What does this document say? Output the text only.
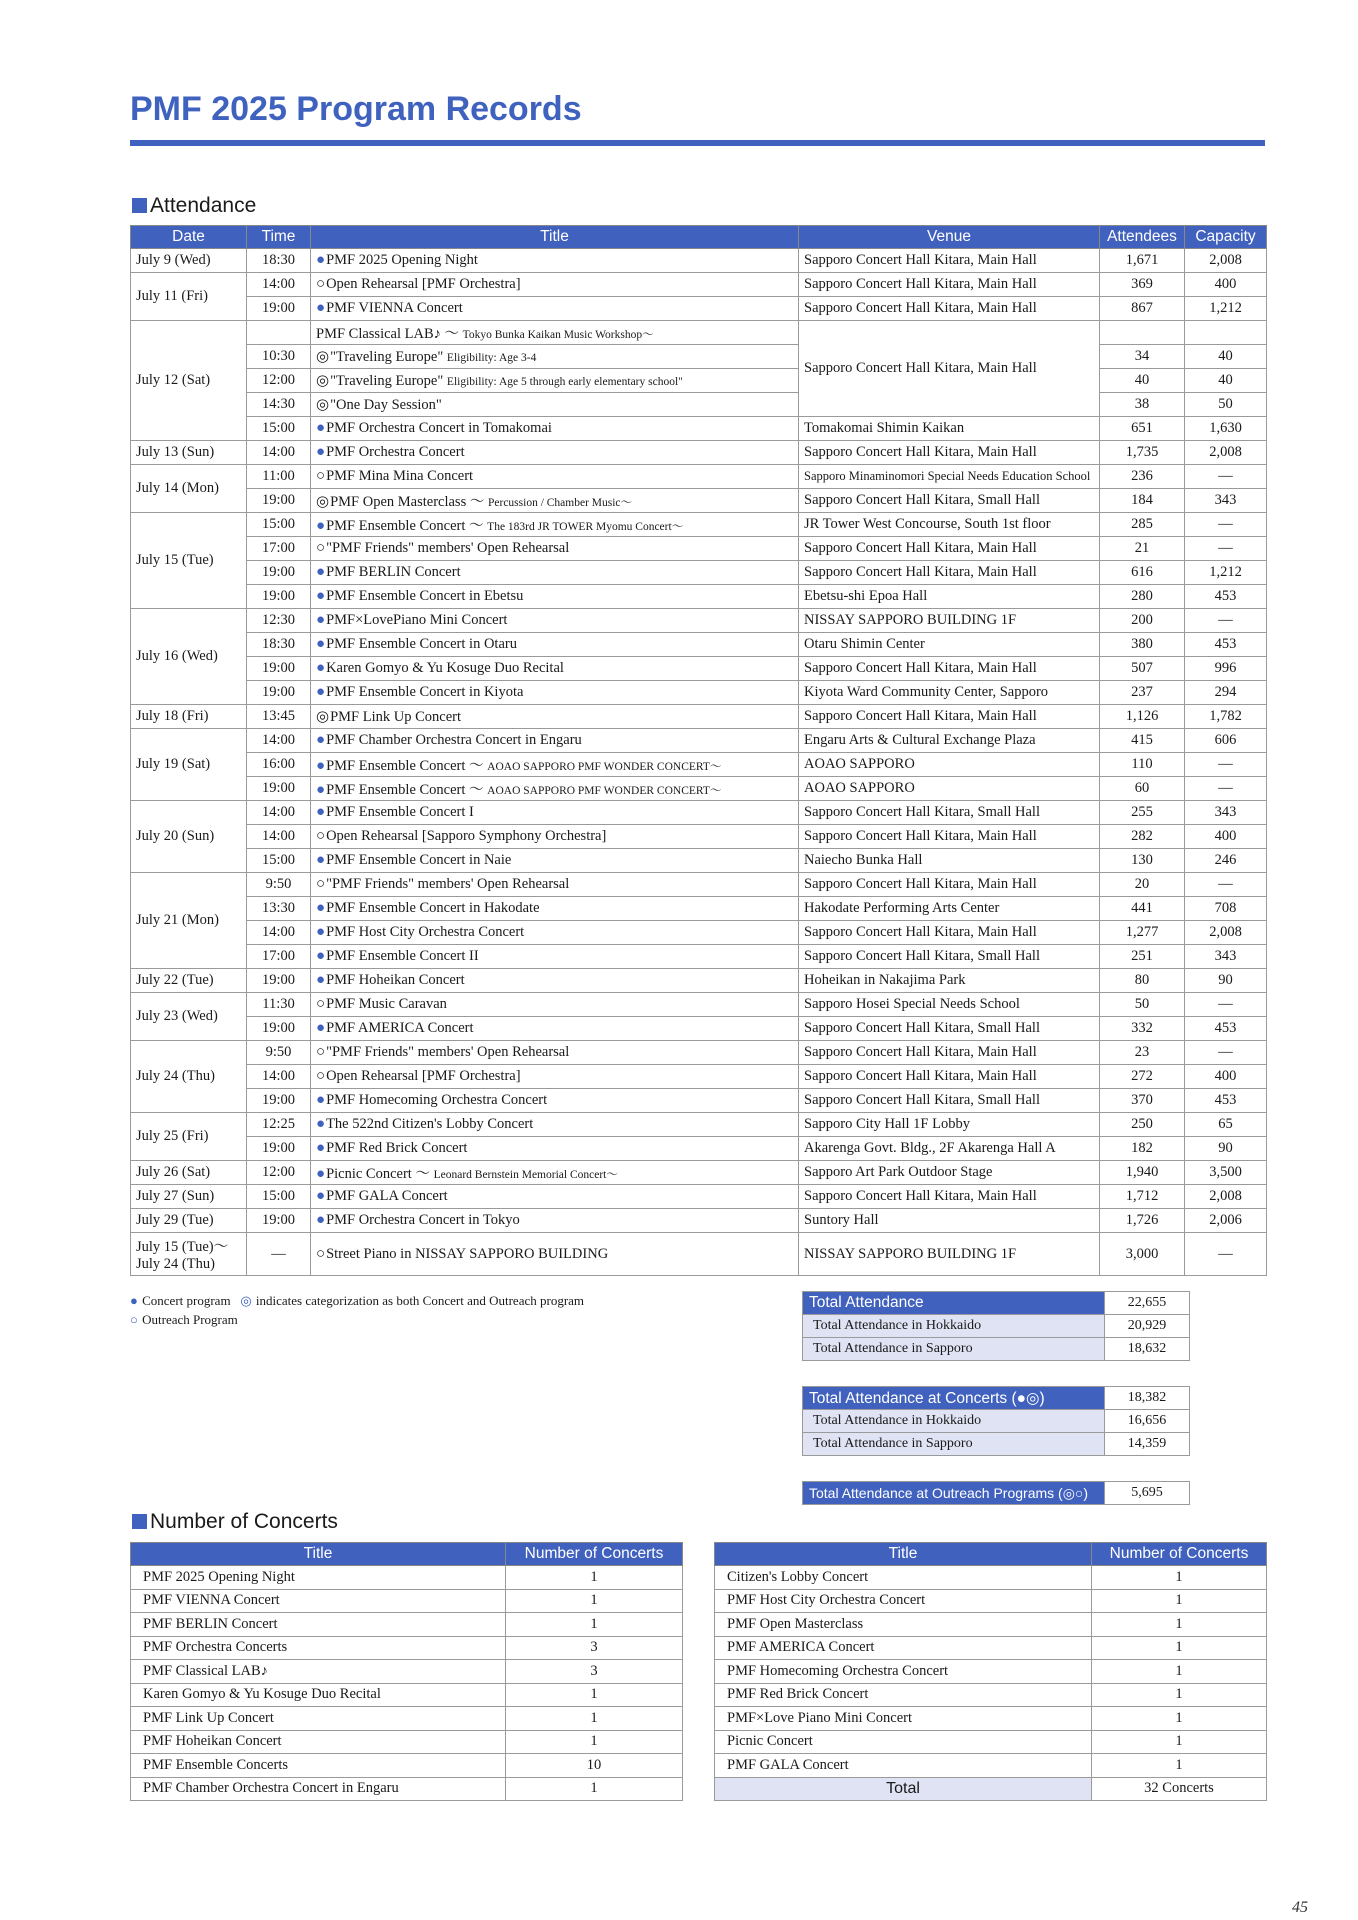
PMF 2025 Program Records
Attendance
Date	Time	Title	Venue	Attendees	Capacity
July 9 (Wed)	18:30	●PMF 2025 Opening Night	Sapporo Concert Hall Kitara, Main Hall	1,671	2,008
July 11 (Fri)	14:00	○Open Rehearsal [PMF Orchestra]	Sapporo Concert Hall Kitara, Main Hall	369	400
	19:00	●PMF VIENNA Concert	Sapporo Concert Hall Kitara, Main Hall	867	1,212
July 12 (Sat)		PMF Classical LAB♪ ～ Tokyo Bunka Kaikan Music Workshop～	Sapporo Concert Hall Kitara, Main Hall		
	10:30	◎"Traveling Europe" Eligibility: Age 3-4		34	40
	12:00	◎"Traveling Europe" Eligibility: Age 5 through early elementary school"		40	40
	14:30	◎"One Day Session"		38	50
	15:00	●PMF Orchestra Concert in Tomakomai	Tomakomai Shimin Kaikan	651	1,630
July 13 (Sun)	14:00	●PMF Orchestra Concert	Sapporo Concert Hall Kitara, Main Hall	1,735	2,008
July 14 (Mon)	11:00	○PMF Mina Mina Concert	Sapporo Minaminomori Special Needs Education School	236	—
	19:00	◎PMF Open Masterclass ～ Percussion / Chamber Music～	Sapporo Concert Hall Kitara, Small Hall	184	343
July 15 (Tue)	15:00	●PMF Ensemble Concert ～ The 183rd JR TOWER Myomu Concert～	JR Tower West Concourse, South 1st floor	285	—
	17:00	○"PMF Friends" members' Open Rehearsal	Sapporo Concert Hall Kitara, Main Hall	21	—
	19:00	●PMF BERLIN Concert	Sapporo Concert Hall Kitara, Main Hall	616	1,212
	19:00	●PMF Ensemble Concert in Ebetsu	Ebetsu-shi Epoa Hall	280	453
July 16 (Wed)	12:30	●PMF×LovePiano Mini Concert	NISSAY SAPPORO BUILDING 1F	200	—
	18:30	●PMF Ensemble Concert in Otaru	Otaru Shimin Center	380	453
	19:00	●Karen Gomyo & Yu Kosuge Duo Recital	Sapporo Concert Hall Kitara, Main Hall	507	996
	19:00	●PMF Ensemble Concert in Kiyota	Kiyota Ward Community Center, Sapporo	237	294
July 18 (Fri)	13:45	◎PMF Link Up Concert	Sapporo Concert Hall Kitara, Main Hall	1,126	1,782
July 19 (Sat)	14:00	●PMF Chamber Orchestra Concert in Engaru	Engaru Arts & Cultural Exchange Plaza	415	606
	16:00	●PMF Ensemble Concert ～ AOAO SAPPORO PMF WONDER CONCERT～	AOAO SAPPORO	110	—
	19:00	●PMF Ensemble Concert ～ AOAO SAPPORO PMF WONDER CONCERT～	AOAO SAPPORO	60	—
July 20 (Sun)	14:00	●PMF Ensemble Concert I	Sapporo Concert Hall Kitara, Small Hall	255	343
	14:00	○Open Rehearsal [Sapporo Symphony Orchestra]	Sapporo Concert Hall Kitara, Main Hall	282	400
	15:00	●PMF Ensemble Concert in Naie	Naiecho Bunka Hall	130	246
July 21 (Mon)	9:50	○"PMF Friends" members' Open Rehearsal	Sapporo Concert Hall Kitara, Main Hall	20	—
	13:30	●PMF Ensemble Concert in Hakodate	Hakodate Performing Arts Center	441	708
	14:00	●PMF Host City Orchestra Concert	Sapporo Concert Hall Kitara, Main Hall	1,277	2,008
	17:00	●PMF Ensemble Concert II	Sapporo Concert Hall Kitara, Small Hall	251	343
July 22 (Tue)	19:00	●PMF Hoheikan Concert	Hoheikan in Nakajima Park	80	90
July 23 (Wed)	11:30	○PMF Music Caravan	Sapporo Hosei Special Needs School	50	—
	19:00	●PMF AMERICA Concert	Sapporo Concert Hall Kitara, Small Hall	332	453
July 24 (Thu)	9:50	○"PMF Friends" members' Open Rehearsal	Sapporo Concert Hall Kitara, Main Hall	23	—
	14:00	○Open Rehearsal [PMF Orchestra]	Sapporo Concert Hall Kitara, Main Hall	272	400
	19:00	●PMF Homecoming Orchestra Concert	Sapporo Concert Hall Kitara, Small Hall	370	453
July 25 (Fri)	12:25	●The 522nd Citizen's Lobby Concert	Sapporo City Hall 1F Lobby	250	65
	19:00	●PMF Red Brick Concert	Akarenga Govt. Bldg., 2F Akarenga Hall A	182	90
July 26 (Sat)	12:00	●Picnic Concert ～ Leonard Bernstein Memorial Concert～	Sapporo Art Park Outdoor Stage	1,940	3,500
July 27 (Sun)	15:00	●PMF GALA Concert	Sapporo Concert Hall Kitara, Main Hall	1,712	2,008
July 29 (Tue)	19:00	●PMF Orchestra Concert in Tokyo	Suntory Hall	1,726	2,006
July 15 (Tue)～
July 24 (Thu)	—	○Street Piano in NISSAY SAPPORO BUILDING	NISSAY SAPPORO BUILDING 1F	3,000	—
● Concert program ◎ indicates categorization as both Concert and Outreach program
○ Outreach Program
Total Attendance	22,655
Total Attendance in Hokkaido	20,929
Total Attendance in Sapporo	18,632
Total Attendance at Concerts (●◎)	18,382
Total Attendance in Hokkaido	16,656
Total Attendance in Sapporo	14,359
Total Attendance at Outreach Programs (◎○)	5,695
Number of Concerts
Title	Number of Concerts
PMF 2025 Opening Night	1
PMF VIENNA Concert	1
PMF BERLIN Concert	1
PMF Orchestra Concerts	3
PMF Classical LAB♪	3
Karen Gomyo & Yu Kosuge Duo Recital	1
PMF Link Up Concert	1
PMF Hoheikan Concert	1
PMF Ensemble Concerts	10
PMF Chamber Orchestra Concert in Engaru	1
Title	Number of Concerts
Citizen's Lobby Concert	1
PMF Host City Orchestra Concert	1
PMF Open Masterclass	1
PMF AMERICA Concert	1
PMF Homecoming Orchestra Concert	1
PMF Red Brick Concert	1
PMF×Love Piano Mini Concert	1
Picnic Concert	1
PMF GALA Concert	1
Total	32 Concerts
45
